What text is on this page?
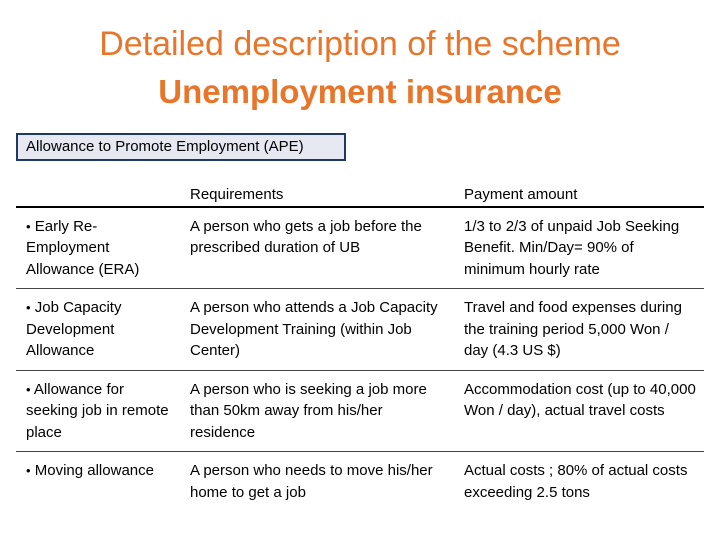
Detailed description of the scheme
Unemployment insurance
Allowance to Promote Employment (APE)
	Requirements	Payment amount
• Early Re-Employment Allowance (ERA)	A person who gets a job before the prescribed duration of UB	1/3 to 2/3 of unpaid Job Seeking Benefit. Min/Day= 90% of minimum hourly rate
• Job Capacity Development Allowance	A person who attends a Job Capacity Development Training (within Job Center)	Travel and food expenses during the training period 5,000 Won / day (4.3 US $)
• Allowance for seeking job in remote place	A person who is seeking a job more than 50km away from his/her residence	Accommodation cost (up to 40,000 Won / day), actual travel costs
• Moving allowance	A person who needs to move his/her home to get a job	Actual costs ; 80% of actual costs exceeding 2.5 tons
